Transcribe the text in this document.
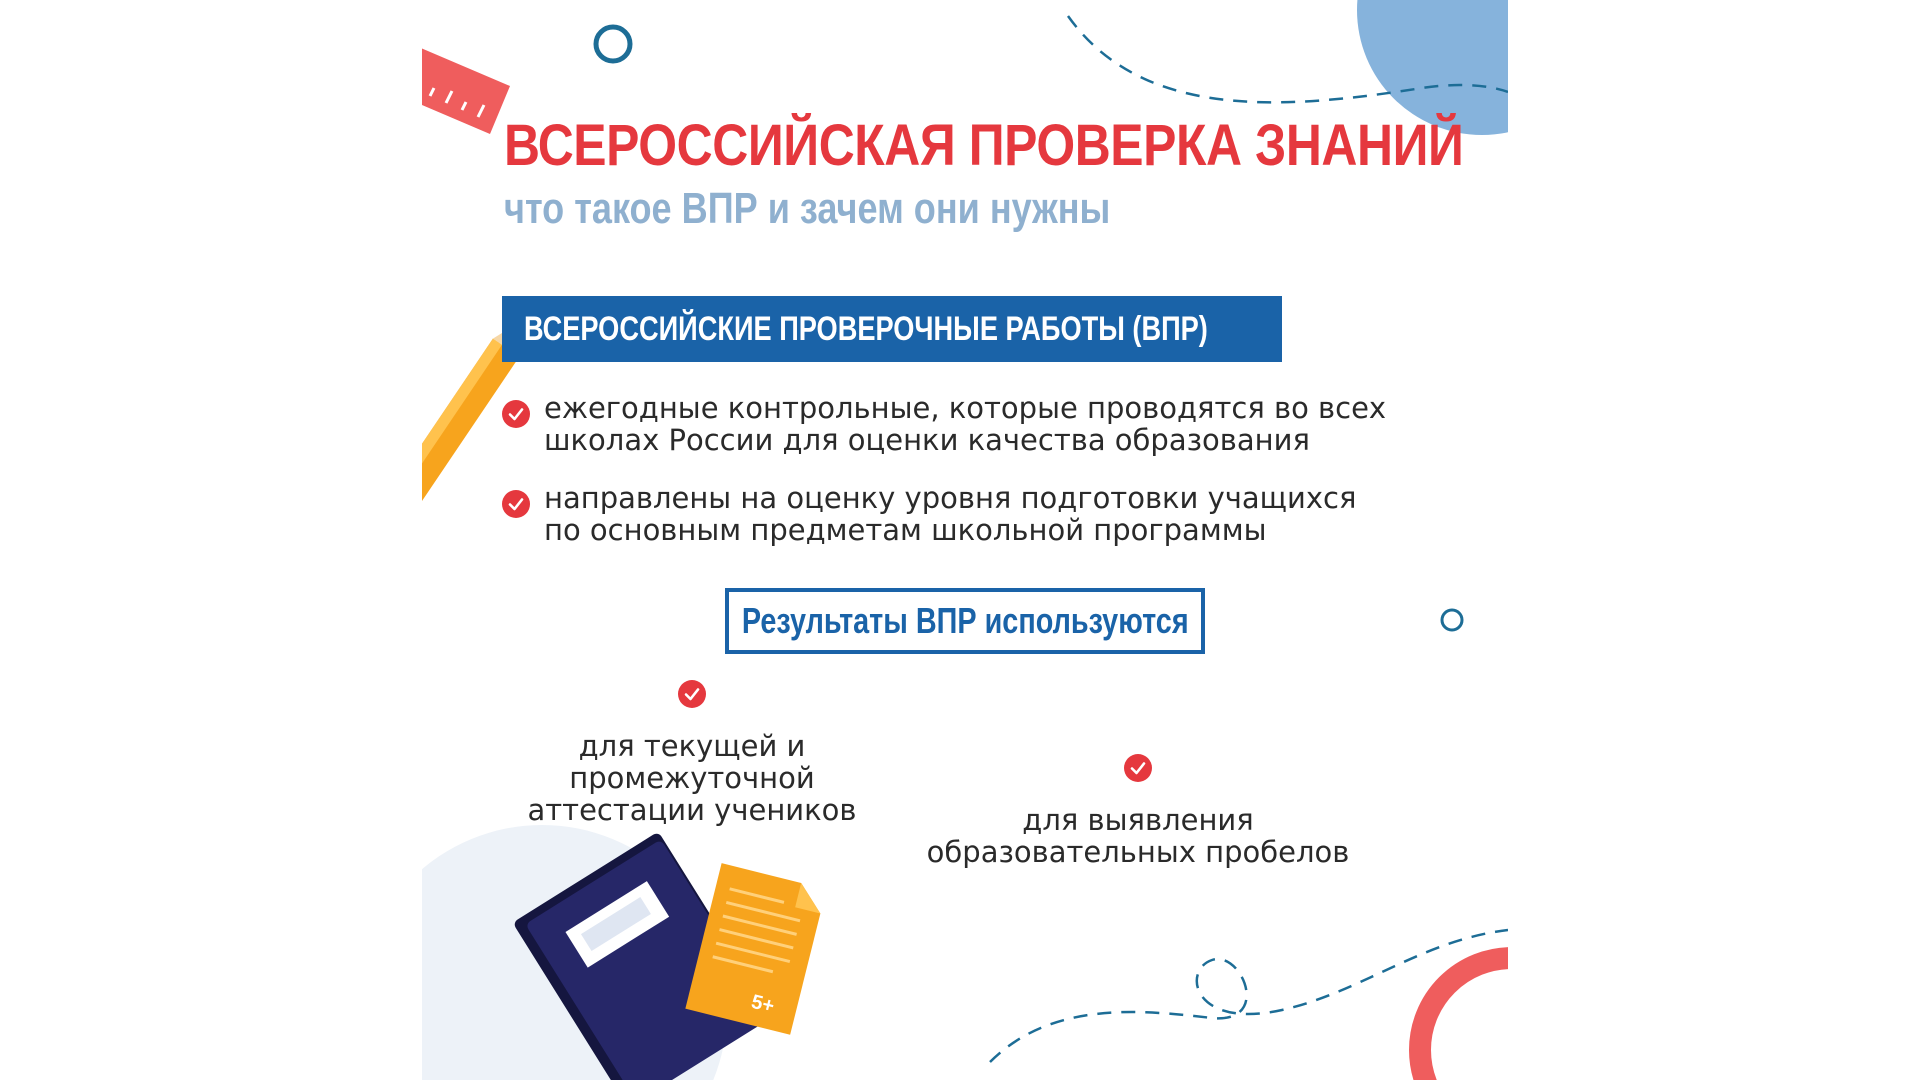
5+
ВСЕРОССИЙСКАЯ ПРОВЕРКА ЗНАНИЙ
что такое ВПР и зачем они нужны
ВСЕРОССИЙСКИЕ ПРОВЕРОЧНЫЕ РАБОТЫ (ВПР)
ежегодные контрольные, которые проводятся во всех
школах России для оценки качества образования
направлены на оценку уровня подготовки учащихся
по основным предметам школьной программы
Результаты ВПР используются
для текущей и промежуточной
аттестации учеников	для выявления
образовательных пробелов
